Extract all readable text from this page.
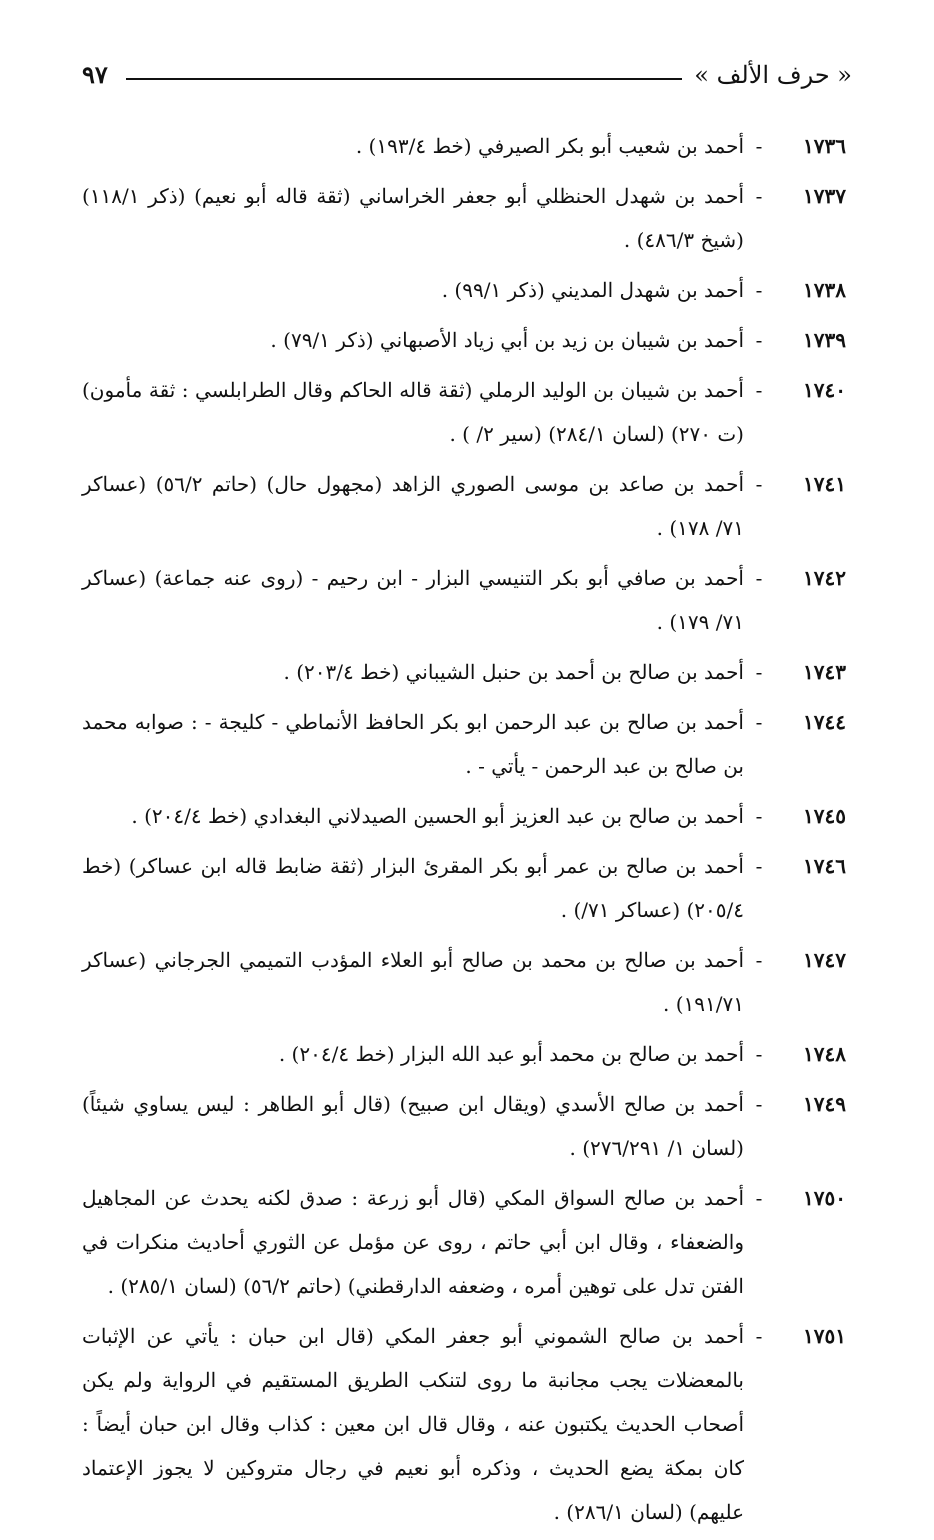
٩٧	« حرف الألف »
١٧٣٦
-
أحمد بن شعيب أبو بكر الصيرفي (خط ١٩٣/٤) .
١٧٣٧
-
أحمد بن شهدل الحنظلي أبو جعفر الخراساني (ثقة قاله أبو نعيم) (ذكر ١١٨/١) (شيخ ٤٨٦/٣) .
١٧٣٨
-
أحمد بن شهدل المديني (ذكر ٩٩/١) .
١٧٣٩
-
أحمد بن شيبان بن زيد بن أبي زياد الأصبهاني (ذكر ٧٩/١) .
١٧٤٠
-
أحمد بن شيبان بن الوليد الرملي (ثقة قاله الحاكم وقال الطرابلسي : ثقة مأمون) (ت ٢٧٠) (لسان ٢٨٤/١) (سير ٢/ ) .
١٧٤١
-
أحمد بن صاعد بن موسى الصوري الزاهد (مجهول حال) (حاتم ٥٦/٢) (عساكر ٧١/ ١٧٨) .
١٧٤٢
-
أحمد بن صافي أبو بكر التنيسي البزار - ابن رحيم - (روى عنه جماعة) (عساكر ٧١/ ١٧٩) .
١٧٤٣
-
أحمد بن صالح بن أحمد بن حنبل الشيباني (خط ٢٠٣/٤) .
١٧٤٤
-
أحمد بن صالح بن عبد الرحمن ابو بكر الحافظ الأنماطي - كليجة - : صوابه محمد بن صالح بن عبد الرحمن - يأتي - .
١٧٤٥
-
أحمد بن صالح بن عبد العزيز أبو الحسين الصيدلاني البغدادي (خط ٢٠٤/٤) .
١٧٤٦
-
أحمد بن صالح بن عمر أبو بكر المقرئ البزار (ثقة ضابط قاله ابن عساكر) (خط ٢٠٥/٤) (عساكر ٧١/) .
١٧٤٧
-
أحمد بن صالح بن محمد بن صالح أبو العلاء المؤدب التميمي الجرجاني (عساكر ١٩١/٧١) .
١٧٤٨
-
أحمد بن صالح بن محمد أبو عبد الله البزار (خط ٢٠٤/٤) .
١٧٤٩
-
أحمد بن صالح الأسدي (ويقال ابن صبيح) (قال أبو الطاهر : ليس يساوي شيئاً) (لسان ١/ ٢٧٦/٢٩١) .
١٧٥٠
-
أحمد بن صالح السواق المكي (قال أبو زرعة : صدق لكنه يحدث عن المجاهيل والضعفاء ، وقال ابن أبي حاتم ، روى عن مؤمل عن الثوري أحاديث منكرات في الفتن تدل على توهين أمره ، وضعفه الدارقطني) (حاتم ٥٦/٢) (لسان ٢٨٥/١) .
١٧٥١
-
أحمد بن صالح الشموني أبو جعفر المكي (قال ابن حبان : يأتي عن الإثبات بالمعضلات يجب مجانبة ما روى لتنكب الطريق المستقيم في الرواية ولم يكن أصحاب الحديث يكتبون عنه ، وقال قال ابن معين : كذاب وقال ابن حبان أيضاً : كان بمكة يضع الحديث ، وذكره أبو نعيم في رجال متروكين لا يجوز الإعتماد عليهم) (لسان ٢٨٦/١) .
